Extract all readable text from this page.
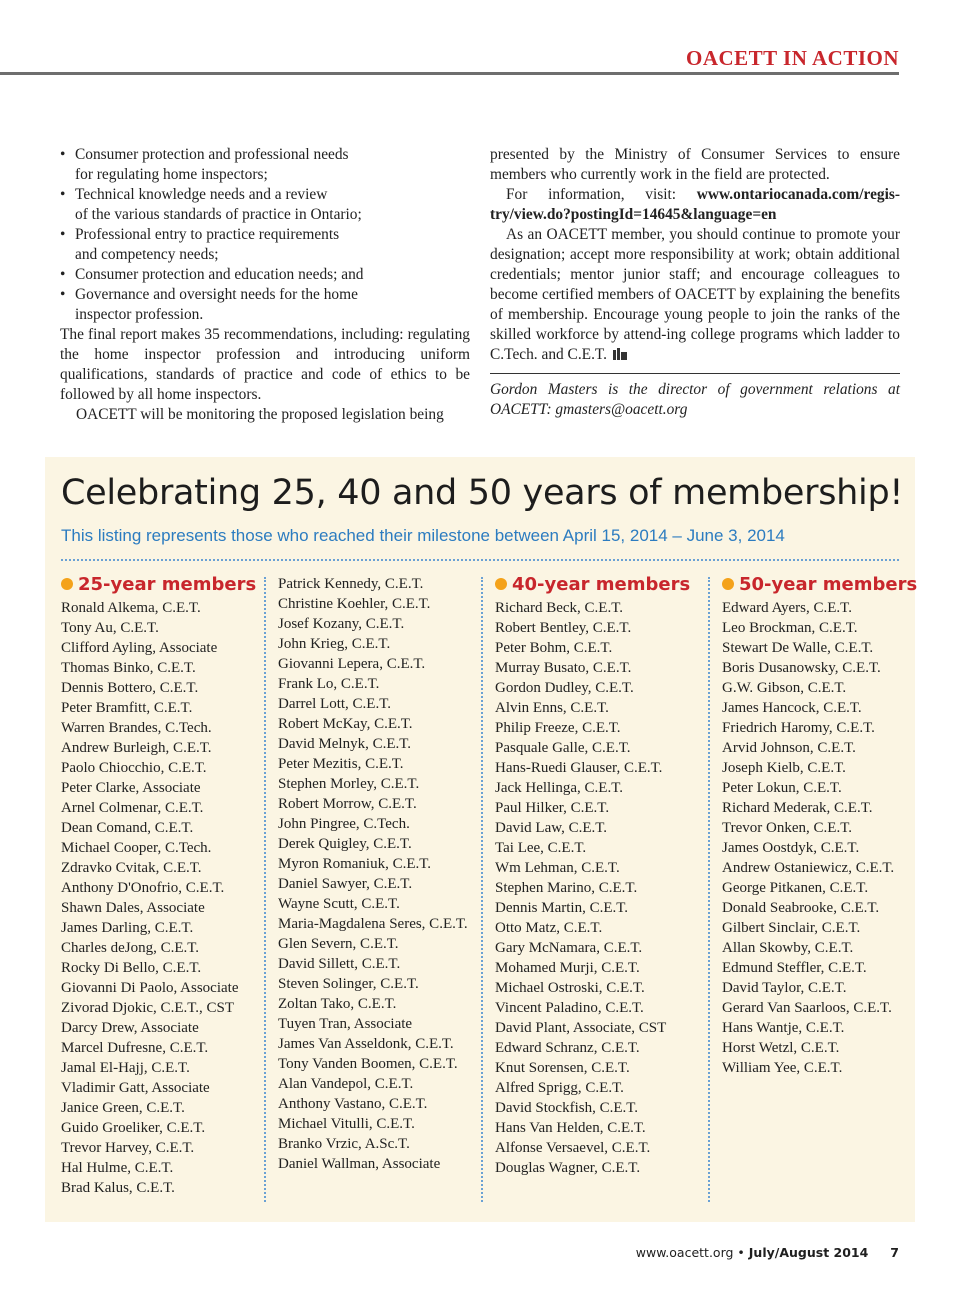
OACETT IN ACTION
• Consumer protection and professional needs
for regulating home inspectors;
• Technical knowledge needs and a review
of the various standards of practice in Ontario;
• Professional entry to practice requirements
and competency needs;
• Consumer protection and education needs; and
• Governance and oversight needs for the home
inspector profession.

The final report makes 35 recommendations, including: regulating the home inspector profession and introducing uniform qualifications, standards of practice and code of ethics to be followed by all home inspectors.

OACETT will be monitoring the proposed legislation being

presented by the Ministry of Consumer Services to ensure members who currently work in the field are protected.

For information, visit: www.ontariocanada.com/regis-try/view.do?postingId=14645&language=en

As an OACETT member, you should continue to promote your designation; accept more responsibility at work; obtain additional credentials; mentor junior staff; and encourage colleagues to become certified members of OACETT by explaining the benefits of membership. Encourage young people to join the ranks of the skilled workforce by attend-ing college programs which ladder to C.Tech. and C.E.T.

Gordon Masters is the director of government relations at OACETT: gmasters@oacett.org

Celebrating 25, 40 and 50 years of membership!
This listing represents those who reached their milestone between April 15, 2014 – June 3, 2014
25-year members
Ronald Alkema, C.E.T.
Tony Au, C.E.T.
Clifford Ayling, Associate
Thomas Binko, C.E.T.
Dennis Bottero, C.E.T.
Peter Bramfitt, C.E.T.
Warren Brandes, C.Tech.
Andrew Burleigh, C.E.T.
Paolo Chiocchio, C.E.T.
Peter Clarke, Associate
Arnel Colmenar, C.E.T.
Dean Comand, C.E.T.
Michael Cooper, C.Tech.
Zdravko Cvitak, C.E.T.
Anthony D'Onofrio, C.E.T.
Shawn Dales, Associate
James Darling, C.E.T.
Charles deJong, C.E.T.
Rocky Di Bello, C.E.T.
Giovanni Di Paolo, Associate
Zivorad Djokic, C.E.T., CST
Darcy Drew, Associate
Marcel Dufresne, C.E.T.
Jamal El-Hajj, C.E.T.
Vladimir Gatt, Associate
Janice Green, C.E.T.
Guido Groeliker, C.E.T.
Trevor Harvey, C.E.T.
Hal Hulme, C.E.T.
Brad Kalus, C.E.T.
Patrick Kennedy, C.E.T.
Christine Koehler, C.E.T.
Josef Kozany, C.E.T.
John Krieg, C.E.T.
Giovanni Lepera, C.E.T.
Frank Lo, C.E.T.
Darrel Lott, C.E.T.
Robert McKay, C.E.T.
David Melnyk, C.E.T.
Peter Mezitis, C.E.T.
Stephen Morley, C.E.T.
Robert Morrow, C.E.T.
John Pingree, C.Tech.
Derek Quigley, C.E.T.
Myron Romaniuk, C.E.T.
Daniel Sawyer, C.E.T.
Wayne Scutt, C.E.T.
Maria-Magdalena Seres, C.E.T.
Glen Severn, C.E.T.
David Sillett, C.E.T.
Steven Solinger, C.E.T.
Zoltan Tako, C.E.T.
Tuyen Tran, Associate
James Van Asseldonk, C.E.T.
Tony Vanden Boomen, C.E.T.
Alan Vandepol, C.E.T.
Anthony Vastano, C.E.T.
Michael Vitulli, C.E.T.
Branko Vrzic, A.Sc.T.
Daniel Wallman, Associate
40-year members
Richard Beck, C.E.T.
Robert Bentley, C.E.T.
Peter Bohm, C.E.T.
Murray Busato, C.E.T.
Gordon Dudley, C.E.T.
Alvin Enns, C.E.T.
Philip Freeze, C.E.T.
Pasquale Galle, C.E.T.
Hans-Ruedi Glauser, C.E.T.
Jack Hellinga, C.E.T.
Paul Hilker, C.E.T.
David Law, C.E.T.
Tai Lee, C.E.T.
Wm Lehman, C.E.T.
Stephen Marino, C.E.T.
Dennis Martin, C.E.T.
Otto Matz, C.E.T.
Gary McNamara, C.E.T.
Mohamed Murji, C.E.T.
Michael Ostroski, C.E.T.
Vincent Paladino, C.E.T.
David Plant, Associate, CST
Edward Schranz, C.E.T.
Knut Sorensen, C.E.T.
Alfred Sprigg, C.E.T.
David Stockfish, C.E.T.
Hans Van Helden, C.E.T.
Alfonse Versaevel, C.E.T.
Douglas Wagner, C.E.T.
50-year members
Edward Ayers, C.E.T.
Leo Brockman, C.E.T.
Stewart De Walle, C.E.T.
Boris Dusanowsky, C.E.T.
G.W. Gibson, C.E.T.
James Hancock, C.E.T.
Friedrich Haromy, C.E.T.
Arvid Johnson, C.E.T.
Joseph Kielb, C.E.T.
Peter Lokun, C.E.T.
Richard Mederak, C.E.T.
Trevor Onken, C.E.T.
James Oostdyk, C.E.T.
Andrew Ostaniewicz, C.E.T.
George Pitkanen, C.E.T.
Donald Seabrooke, C.E.T.
Gilbert Sinclair, C.E.T.
Allan Skowby, C.E.T.
Edmund Steffler, C.E.T.
David Taylor, C.E.T.
Gerard Van Saarloos, C.E.T.
Hans Wantje, C.E.T.
Horst Wetzl, C.E.T.
William Yee, C.E.T.
www.oacett.org • July/August 2014 7
